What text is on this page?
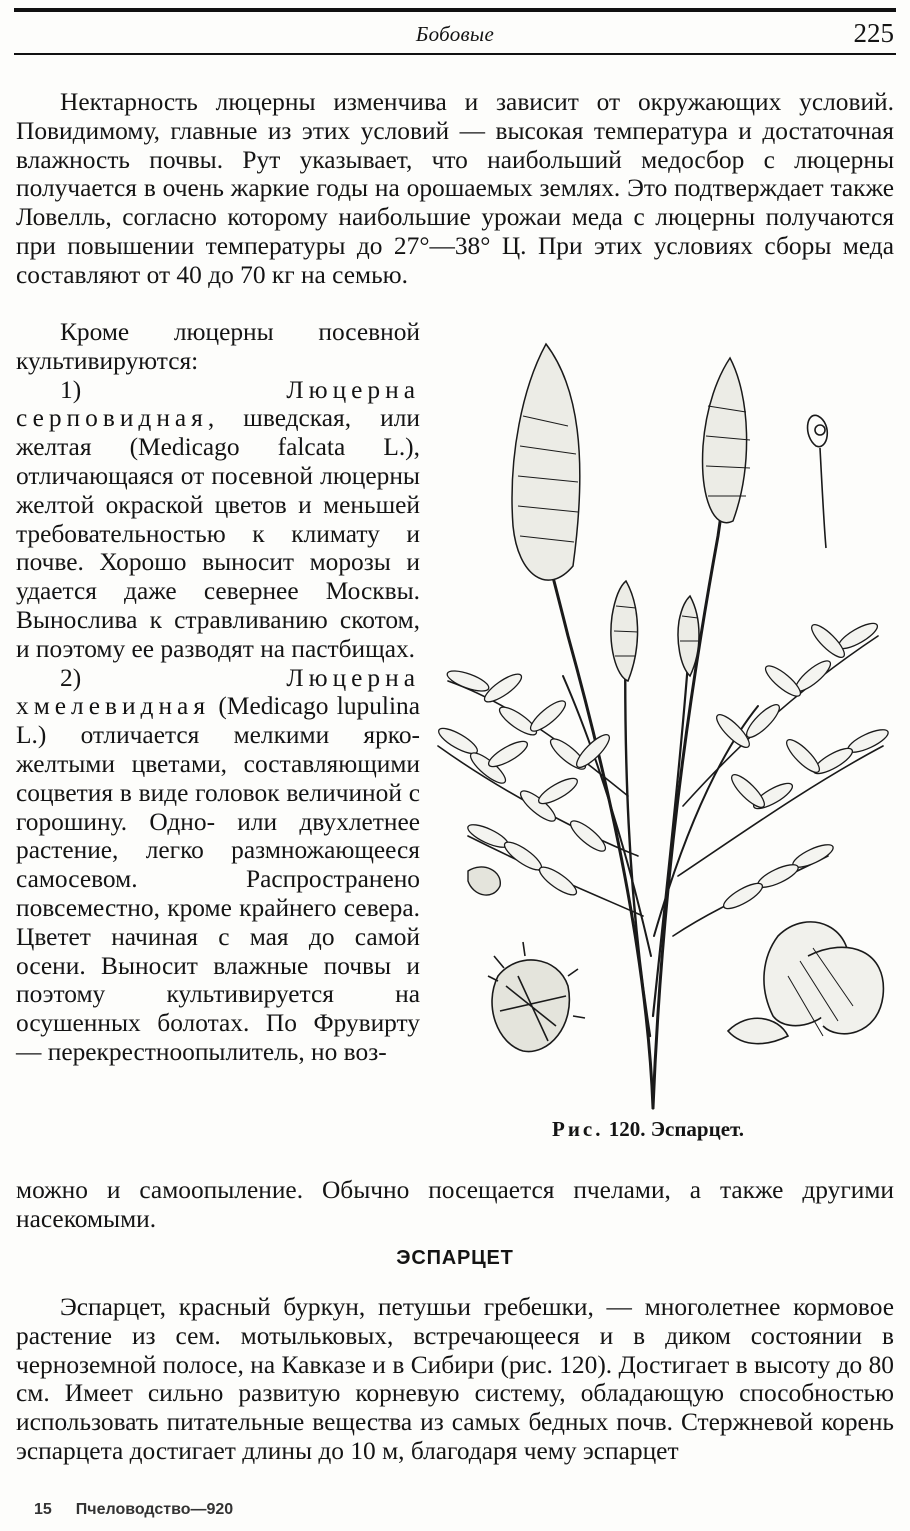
Бобовые	225

Нектарность люцерны изменчива и зависит от окружающих условий. Повидимому, главные из этих условий — высокая температура и достаточная влажность почвы. Рут указывает, что наибольший медосбор с люцерны получается в очень жаркие годы на орошаемых землях. Это подтверждает также Ловелль, согласно которому наибольшие урожаи меда с люцерны получаются при повышении температуры до 27°—38° Ц. При этих условиях сборы меда составляют от 40 до 70 кг на семью.

Кроме люцерны посевной культивируются:

1)	Люцерна серповидная, шведская, или желтая (Medicago falcata L.), отличающаяся от посевной люцерны желтой окраской цветов и меньшей требовательностью к климату и почве. Хорошо выносит морозы и удается даже севернее Москвы. Вынослива к стравливанию скотом, и поэтому ее разводят на пастбищах.

2)	Люцерна хмелевидная (Medicago lupulina L.) отличается мелкими ярко-желтыми цветами, составляющими соцветия в виде головок величиной с горошину. Одно- или двухлетнее растение, легко размножающееся самосевом. Распространено повсеместно, кроме крайнего севера. Цветет начиная с мая до самой осени. Выносит влажные почвы и поэтому культивируется на осушенных болотах. По Фрувирту — перекрестноопылитель, но воз-

можно и самоопыление. Обычно посещается пчелами, а также другими насекомыми.

Рис. 120. Эспарцет.
ЭСПАРЦЕТ

Эспарцет, красный буркун, петушьи гребешки, — многолетнее кормовое растение из сем. мотыльковых, встречающееся и в диком состоянии в черноземной полосе, на Кавказе и в Сибири (рис. 120). Достигает в высоту до 80 см. Имеет сильно развитую корневую систему, обладающую способностью использовать питательные вещества из самых бедных почв. Стержневой корень эспарцета достигает длины до 10 м, благодаря чему эспарцет

15 Пчеловодство—920
